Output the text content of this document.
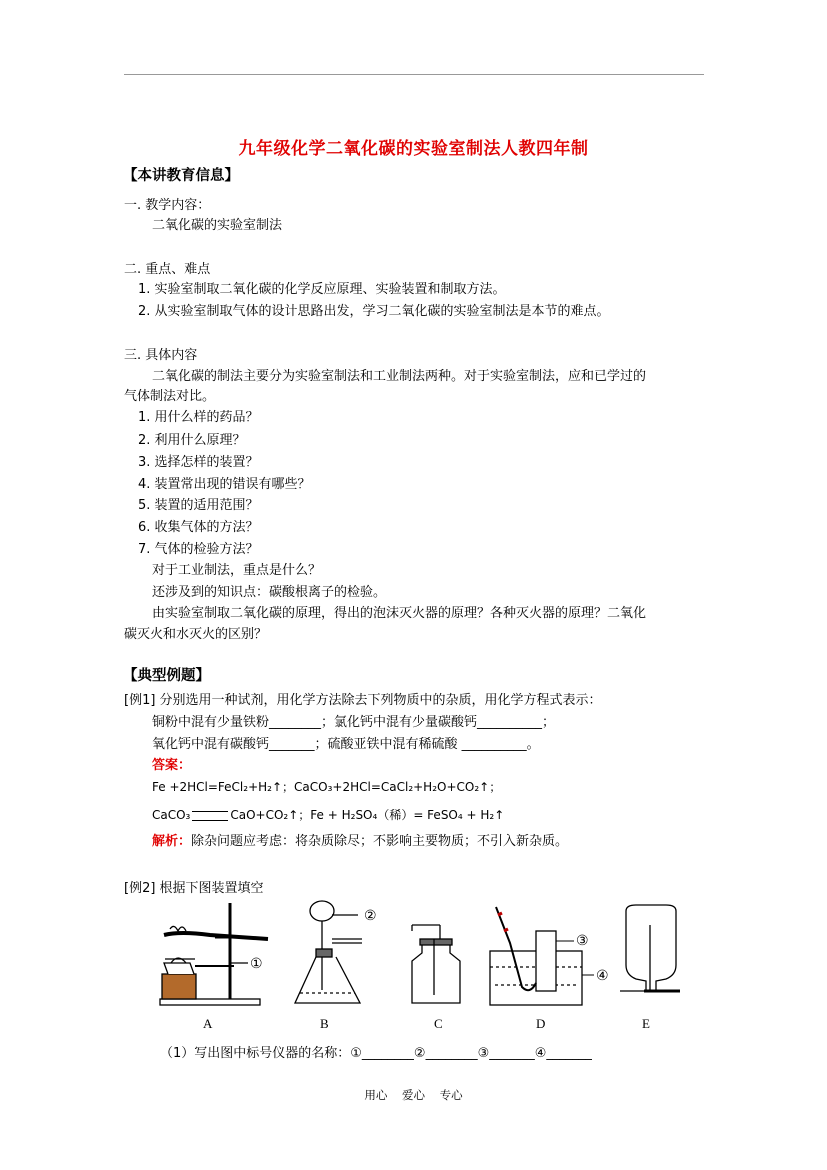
九年级化学二氧化碳的实验室制法人教四年制
【本讲教育信息】
一. 教学内容：
二氧化碳的实验室制法
二. 重点、难点
1. 实验室制取二氧化碳的化学反应原理、实验装置和制取方法。
2. 从实验室制取气体的设计思路出发，学习二氧化碳的实验室制法是本节的难点。
三. 具体内容
二氧化碳的制法主要分为实验室制法和工业制法两种。对于实验室制法，应和已学过的
气体制法对比。
1. 用什么样的药品？
2. 利用什么原理？
3. 选择怎样的装置？
4. 装置常出现的错误有哪些？
5. 装置的适用范围？
6. 收集气体的方法？
7. 气体的检验方法？
对于工业制法，重点是什么？
还涉及到的知识点：碳酸根离子的检验。
由实验室制取二氧化碳的原理，得出的泡沫灭火器的原理？各种灭火器的原理？二氧化
碳灭火和水灭火的区别？
【典型例题】
[例1] 分别选用一种试剂，用化学方法除去下列物质中的杂质，用化学方程式表示：
铜粉中混有少量铁粉________；氯化钙中混有少量碳酸钙__________；
氧化钙中混有碳酸钙_______；硫酸亚铁中混有稀硫酸 __________。
答案：
Fe +2HCl=FeCl₂+H₂↑；CaCO₃+2HCl=CaCl₂+H₂O+CO₂↑；
CaCO₃	CaO+CO₂↑；Fe + H₂SO₄（稀）= FeSO₄ + H₂↑
解析：除杂问题应考虑：将杂质除尽；不影响主要物质；不引入新杂质。
[例2] 根据下图装置填空
①
②
③
④
A	B	C	D	E
（1）写出图中标号仪器的名称：①________②________③_______④_______
用心    爱心    专心
